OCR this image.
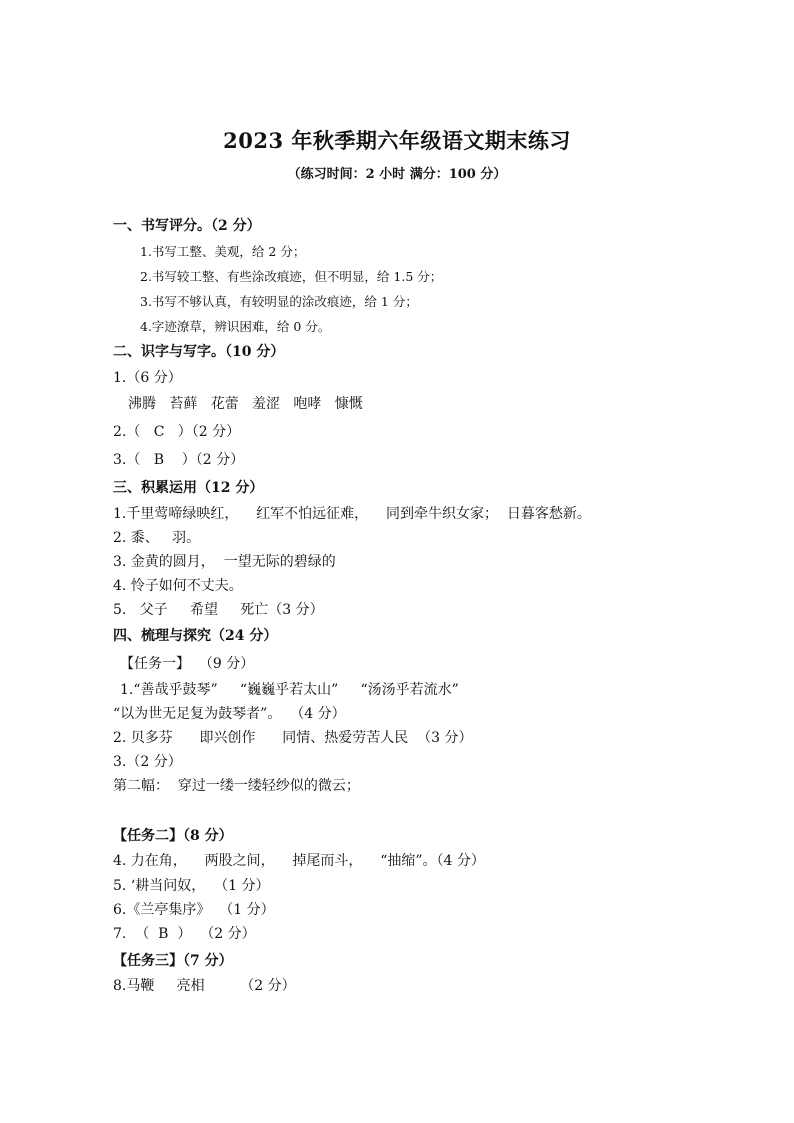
2023 年秋季期六年级语文期末练习
（练习时间：2 小时 满分：100 分）
一、书写评分。（2 分）
1.书写工整、美观，给 2 分；
2.书写较工整、有些涂改痕迹，但不明显，给 1.5 分；
3.书写不够认真，有较明显的涂改痕迹，给 1 分；
4.字迹潦草，辨识困难，给 0 分。
二、识字与写字。（10 分）
1.（6 分）
沸腾   苔藓   花蕾   羞涩   咆哮   慷慨
2.（   C   ）（2 分）
3.（   B    ）（2 分）
三、积累运用（12 分）
1.千里莺啼绿映红，    红军不怕远征难，    同到牵牛织女家；  日暮客愁新。
2. 黍、   羽。
3. 金黄的圆月，  一望无际的碧绿的
4. 怜子如何不丈夫。
5.   父子     希望     死亡（3 分）
四、梳理与探究（24 分）
【任务一】  （9 分）
1.“善哉乎鼓琴”     “巍巍乎若太山”     “汤汤乎若流水”
“以为世无足复为鼓琴者”。  （4 分）
2. 贝多芬      即兴创作      同情、热爱劳苦人民  （3 分）
3.（2 分）
第二幅：  穿过一缕一缕轻纱似的微云；
【任务二】（8 分）
4. 力在角，    两股之间，    掉尾而斗，    “抽缩”。（4 分）
5. ‘耕当问奴，  （1 分）
6.《兰亭集序》  （1 分）
7.  （  B  ）  （2 分）
【任务三】（7 分）
8.马鞭     亮相        （2 分）
